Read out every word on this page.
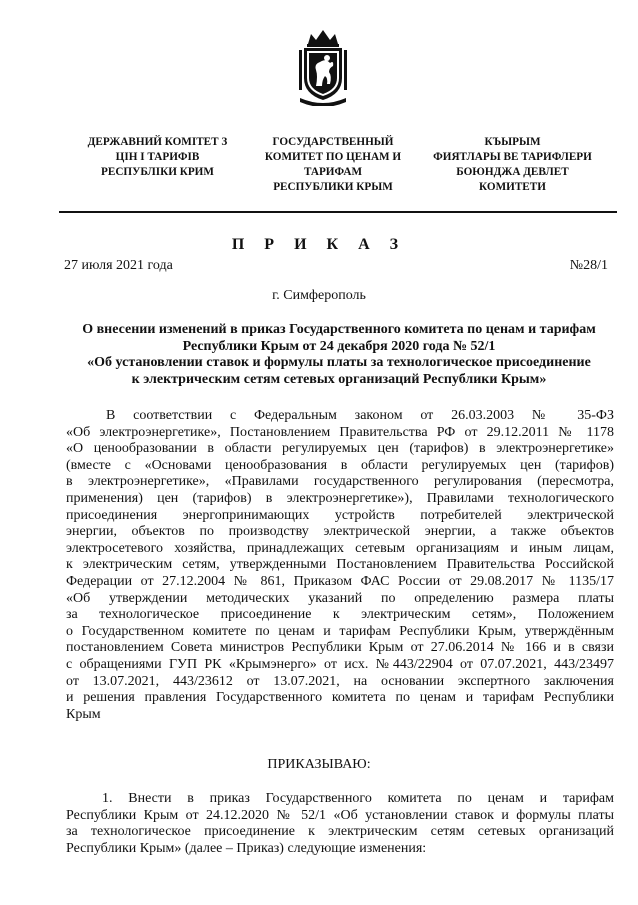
ДЕРЖАВНИЙ КОМІТЕТ З
ЦІН І ТАРИФІВ
РЕСПУБЛІКИ КРИМ
ГОСУДАРСТВЕННЫЙ
КОМИТЕТ ПО ЦЕНАМ И
ТАРИФАМ
РЕСПУБЛИКИ КРЫМ
КЪЫРЫМ
ФИЯТЛАРЫ ВЕ ТАРИФЛЕРИ
БОЮНДЖА ДЕВЛЕТ
КОМИТЕТИ
П Р И К А З
27 июля 2021 года	№28/1
г. Симферополь
О внесении изменений в приказ Государственного комитета по ценам и тарифам
Республики Крым от 24 декабря 2020 года № 52/1
«Об установлении ставок и формулы платы за технологическое присоединение
к электрическим сетям сетевых организаций Республики Крым»
В соответствии с Федеральным законом от 26.03.2003 № 35-ФЗ
«Об электроэнергетике», Постановлением Правительства РФ от 29.12.2011 № 1178
«О ценообразовании в области регулируемых цен (тарифов) в электроэнергетике»
(вместе с «Основами ценообразования в области регулируемых цен (тарифов)
в электроэнергетике», «Правилами государственного регулирования (пересмотра,
применения) цен (тарифов) в электроэнергетике»), Правилами технологического
присоединения энергопринимающих устройств потребителей электрической
энергии, объектов по производству электрической энергии, а также объектов
электросетевого хозяйства, принадлежащих сетевым организациям и иным лицам,
к электрическим сетям, утвержденными Постановлением Правительства Российской
Федерации от 27.12.2004 № 861, Приказом ФАС России от 29.08.2017 № 1135/17
«Об утверждении методических указаний по определению размера платы
за технологическое присоединение к электрическим сетям», Положением
о Государственном комитете по ценам и тарифам Республики Крым, утверждённым
постановлением Совета министров Республики Крым от 27.06.2014 № 166 и в связи
с обращениями ГУП РК «Крымэнерго» от исх. №443/22904 от 07.07.2021, 443/23497
от 13.07.2021, 443/23612 от 13.07.2021, на основании экспертного заключения
и решения правления Государственного комитета по ценам и тарифам Республики
Крым
ПРИКАЗЫВАЮ:
1. Внести в приказ Государственного комитета по ценам и тарифам
Республики Крым от 24.12.2020 № 52/1 «Об установлении ставок и формулы платы
за технологическое присоединение к электрическим сетям сетевых организаций
Республики Крым» (далее – Приказ) следующие изменения:
